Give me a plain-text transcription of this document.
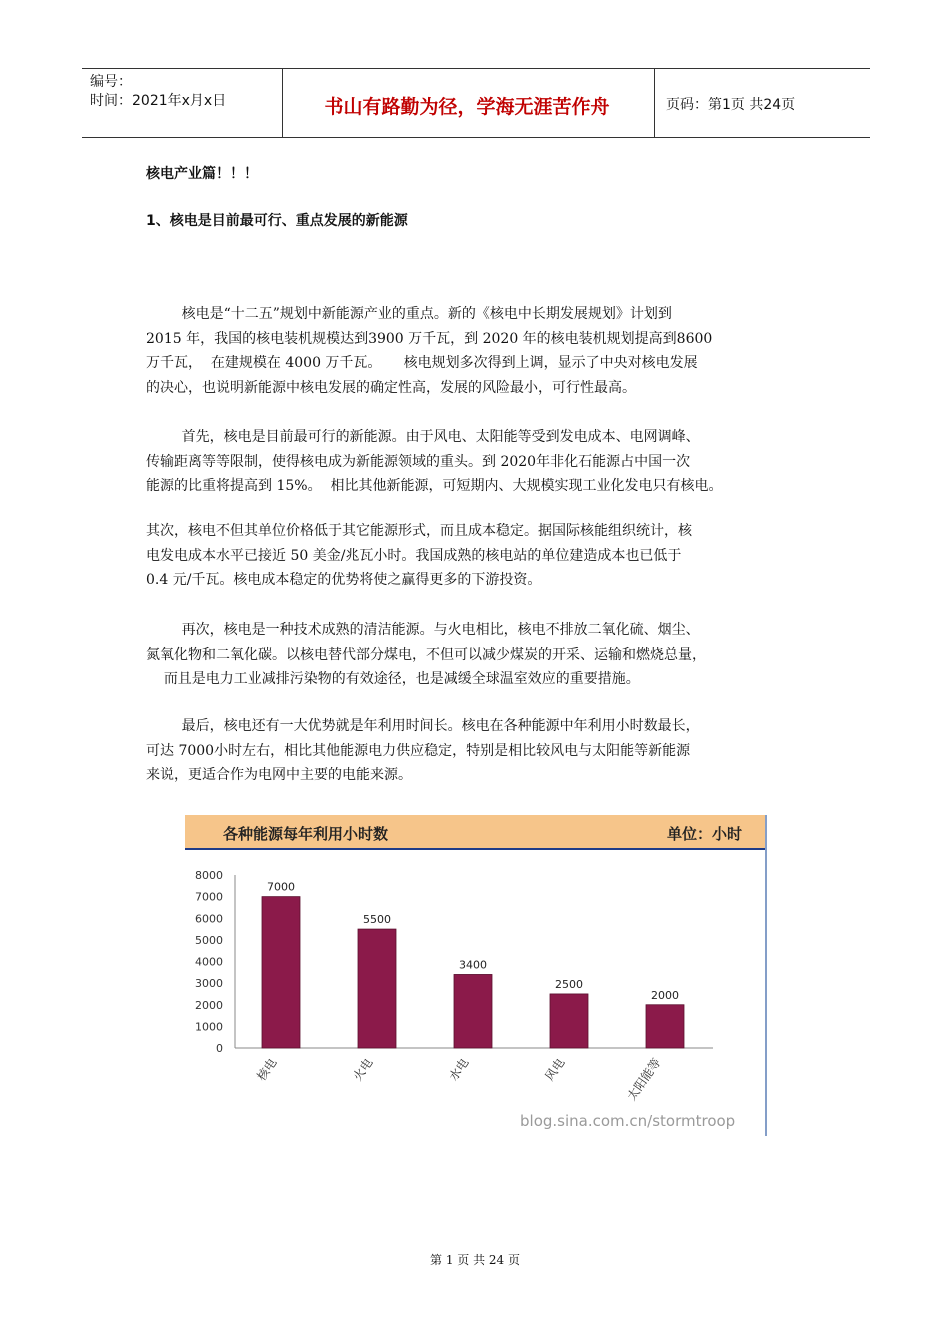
编号：
时间：2021年x月x日	书山有路勤为径，学海无涯苦作舟	页码：第1页 共24页
核电产业篇！！！
1、核电是目前最可行、重点发展的新能源

核电是“十二五”规划中新能源产业的重点。新的《核电中长期发展规划》计划到
2015 年，我国的核电装机规模达到3900 万千瓦，到 2020 年的核电装机规划提高到8600
万千瓦，  在建规模在 4000 万千瓦。     核电规划多次得到上调，显示了中央对核电发展
的决心，也说明新能源中核电发展的确定性高，发展的风险最小，可行性最高。

首先，核电是目前最可行的新能源。由于风电、太阳能等受到发电成本、电网调峰、
传输距离等等限制，使得核电成为新能源领域的重头。到 2020年非化石能源占中国一次
能源的比重将提高到 15%。  相比其他新能源，可短期内、大规模实现工业化发电只有核电。

其次，核电不但其单位价格低于其它能源形式，而且成本稳定。据国际核能组织统计，核
电发电成本水平已接近 50 美金/兆瓦小时。我国成熟的核电站的单位建造成本也已低于
0.4 元/千瓦。核电成本稳定的优势将使之赢得更多的下游投资。

再次，核电是一种技术成熟的清洁能源。与火电相比，核电不排放二氧化硫、烟尘、
氮氧化物和二氧化碳。以核电替代部分煤电，不但可以减少煤炭的开采、运输和燃烧总量，
而且是电力工业减排污染物的有效途径，也是减缓全球温室效应的重要措施。

最后，核电还有一大优势就是年利用时间长。核电在各种能源中年利用小时数最长，
可达 7000小时左右，相比其他能源电力供应稳定，特别是相比较风电与太阳能等新能源
来说，更适合作为电网中主要的电能来源。

各种能源每年利用小时数	单位：小时
0
1000
2000
3000
4000
5000
6000
7000
8000
7000
5500
3400
2500
2000
核电	火电	水电	风电	太阳能等
blog.sina.com.cn/stormtroop
第 1 页 共 24 页
